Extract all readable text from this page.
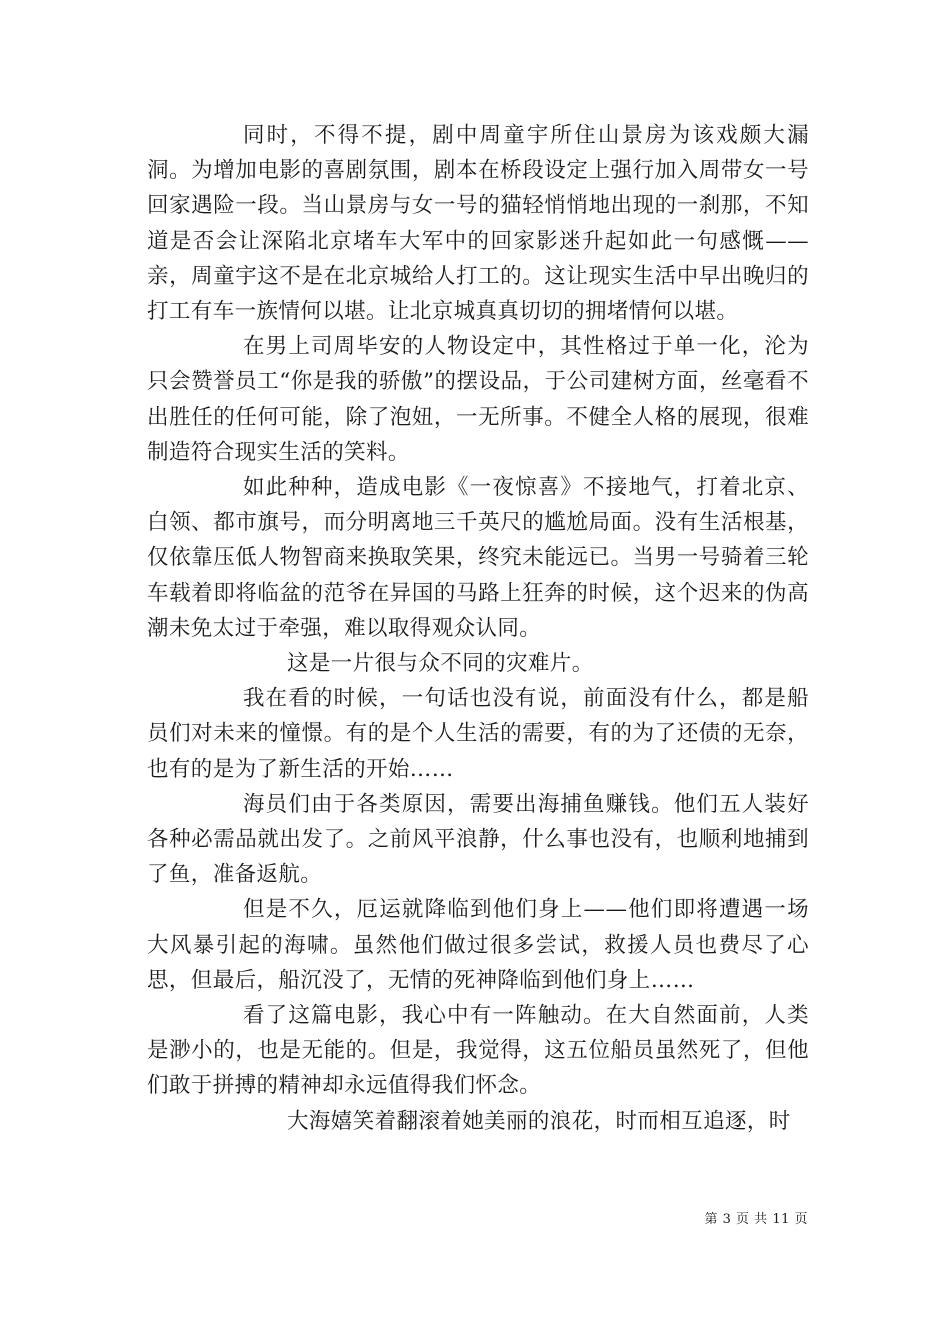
同时，不得不提，剧中周童宇所住山景房为该戏颇大漏洞。为增加电影的喜剧氛围，剧本在桥段设定上强行加入周带女一号回家遇险一段。当山景房与女一号的猫轻悄悄地出现的一刹那，不知道是否会让深陷北京堵车大军中的回家影迷升起如此一句感慨——亲，周童宇这不是在北京城给人打工的。这让现实生活中早出晚归的打工有车一族情何以堪。让北京城真真切切的拥堵情何以堪。

在男上司周毕安的人物设定中，其性格过于单一化，沦为只会赞誉员工“你是我的骄傲”的摆设品，于公司建树方面，丝毫看不出胜任的任何可能，除了泡妞，一无所事。不健全人格的展现，很难制造符合现实生活的笑料。

如此种种，造成电影《一夜惊喜》不接地气，打着北京、白领、都市旗号，而分明离地三千英尺的尴尬局面。没有生活根基，仅依靠压低人物智商来换取笑果，终究未能远已。当男一号骑着三轮车载着即将临盆的范爷在异国的马路上狂奔的时候，这个迟来的伪高潮未免太过于牵强，难以取得观众认同。

这是一片很与众不同的灾难片。

我在看的时候，一句话也没有说，前面没有什么，都是船员们对未来的憧憬。有的是个人生活的需要，有的为了还债的无奈，也有的是为了新生活的开始……

海员们由于各类原因，需要出海捕鱼赚钱。他们五人装好各种必需品就出发了。之前风平浪静，什么事也没有，也顺利地捕到了鱼，准备返航。

但是不久，厄运就降临到他们身上——他们即将遭遇一场大风暴引起的海啸。虽然他们做过很多尝试，救援人员也费尽了心思，但最后，船沉没了，无情的死神降临到他们身上……

看了这篇电影，我心中有一阵触动。在大自然面前，人类是渺小的，也是无能的。但是，我觉得，这五位船员虽然死了，但他们敢于拼搏的精神却永远值得我们怀念。

大海嬉笑着翻滚着她美丽的浪花，时而相互追逐，时

第 3 页 共 11 页
